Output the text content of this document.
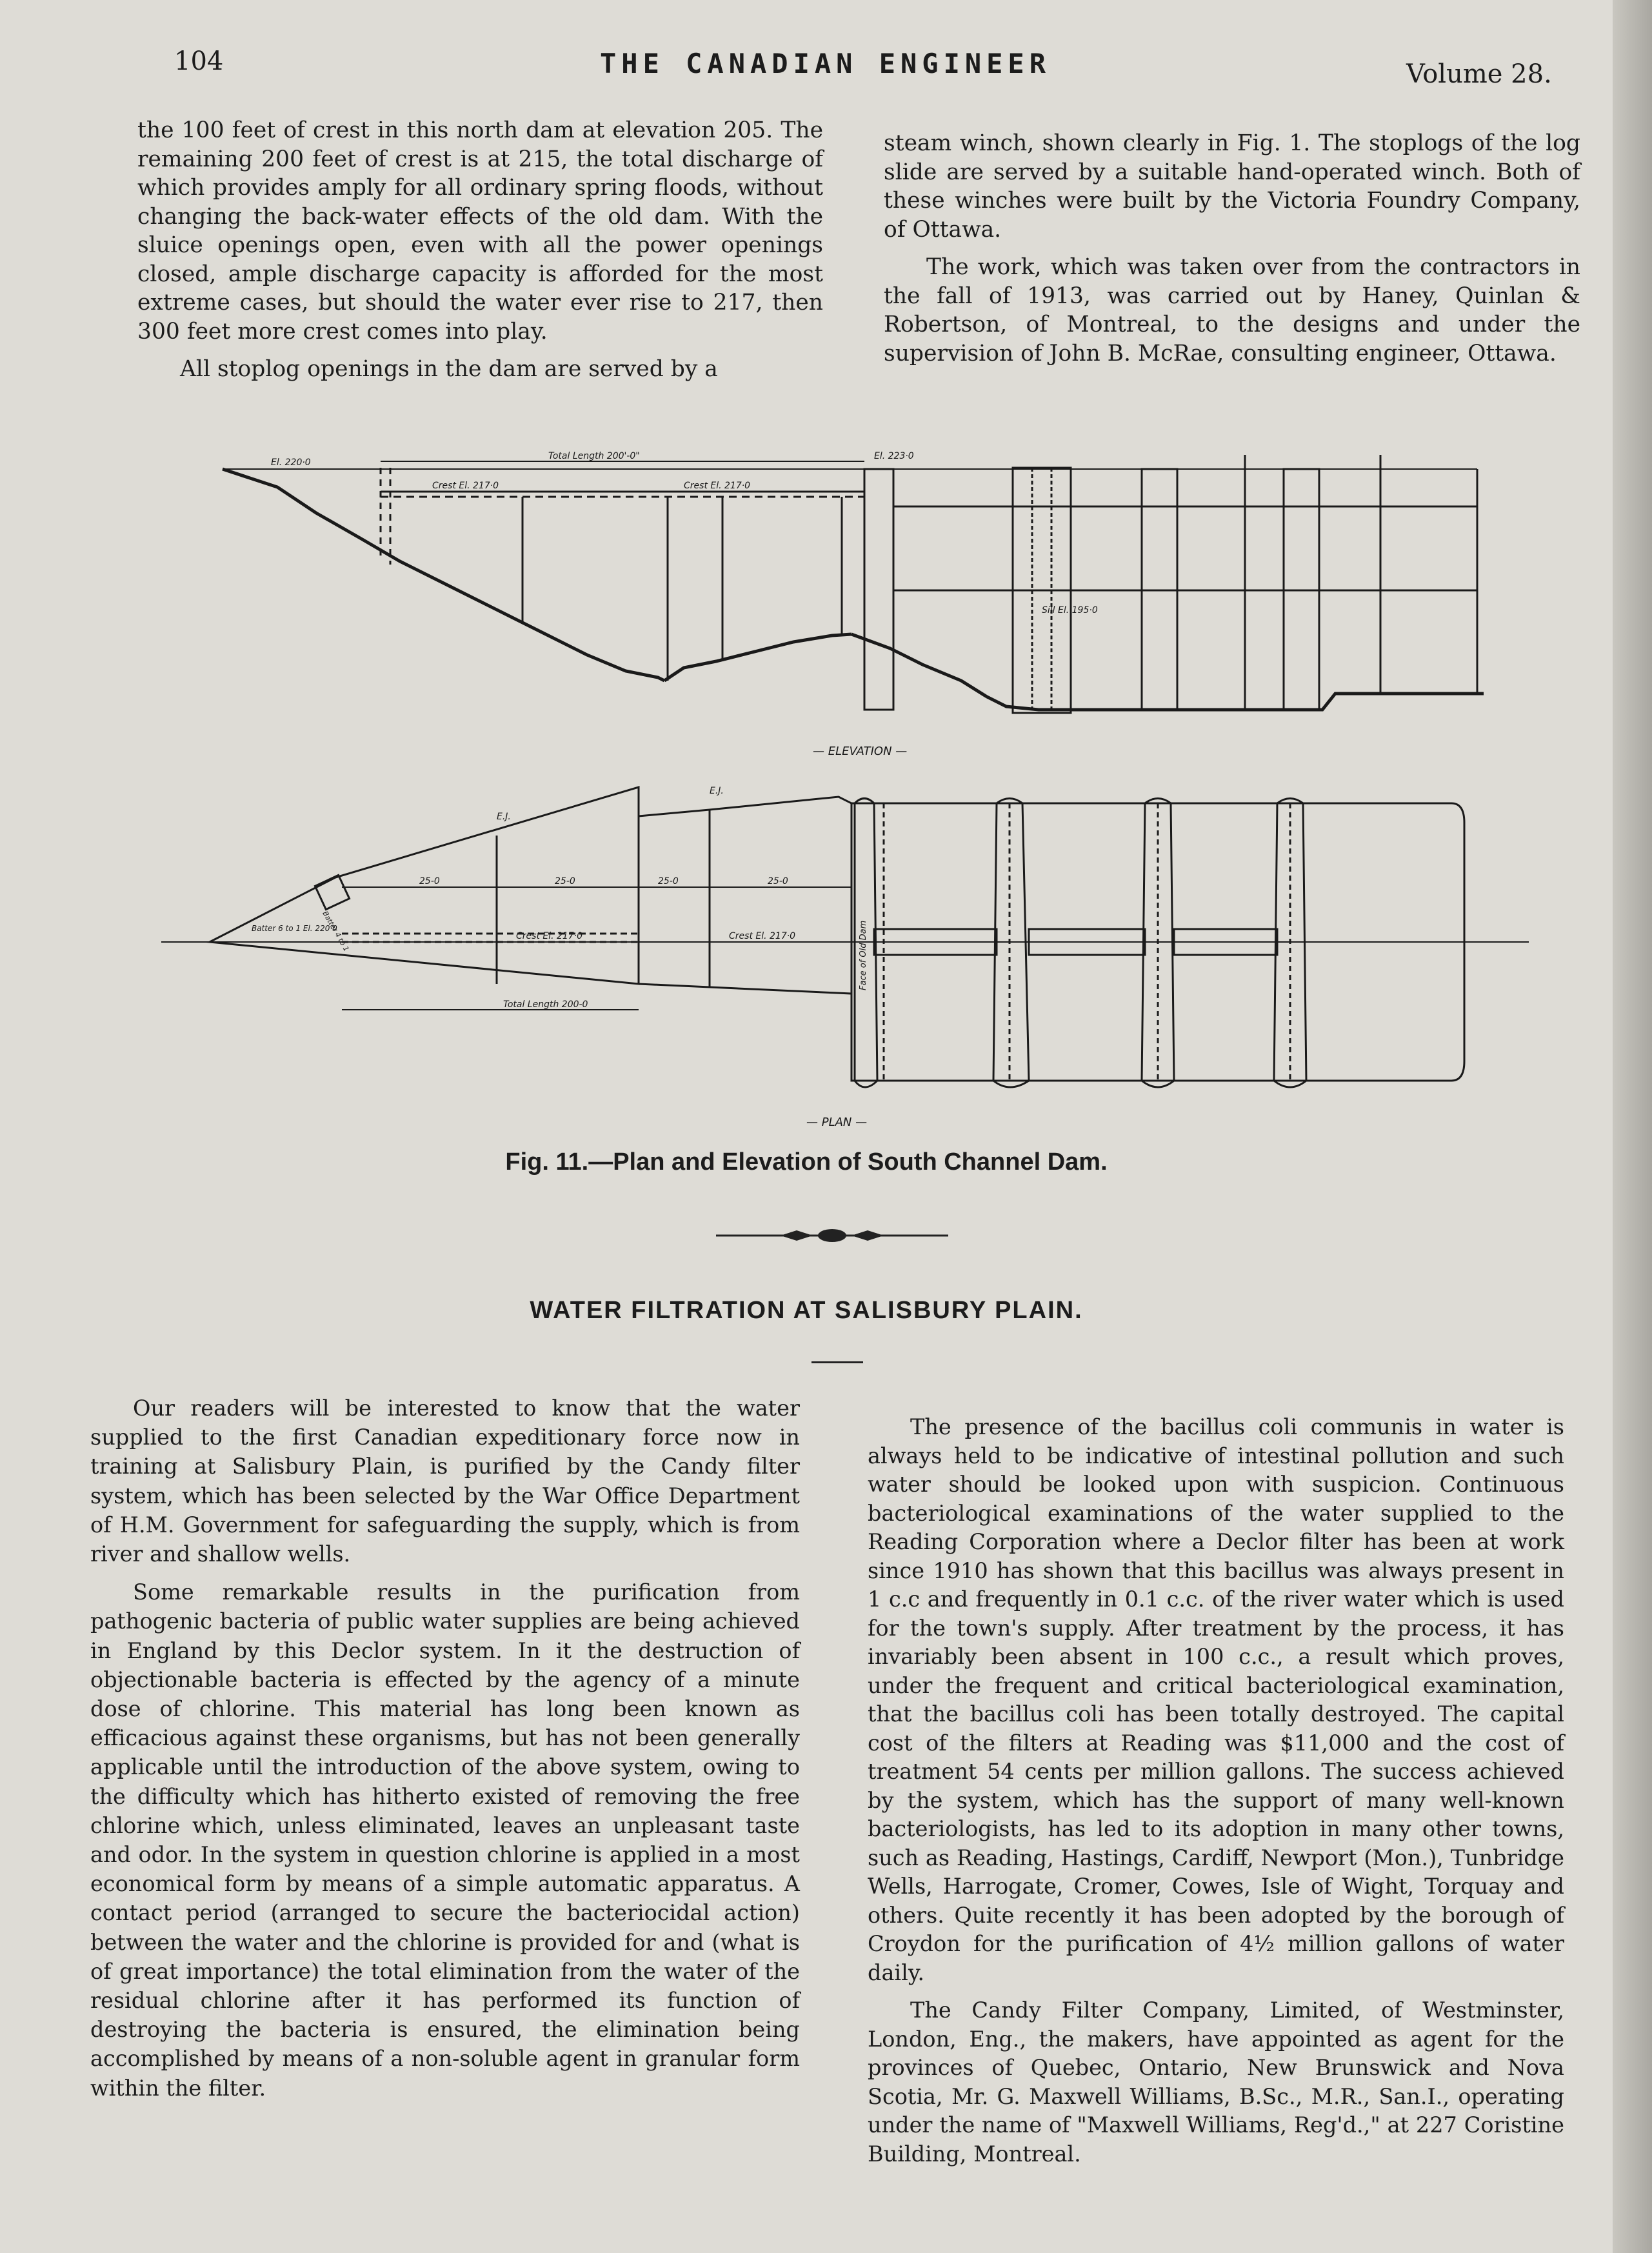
104	THE CANADIAN ENGINEER	Volume 28.

the 100 feet of crest in this north dam at elevation 205. The remaining 200 feet of crest is at 215, the total discharge of which provides amply for all ordinary spring floods, without changing the back-water effects of the old dam. With the sluice openings open, even with all the power openings closed, ample discharge capacity is afforded for the most extreme cases, but should the water ever rise to 217, then 300 feet more crest comes into play.

All stoplog openings in the dam are served by a

steam winch, shown clearly in Fig. 1. The stoplogs of the log slide are served by a suitable hand-operated winch. Both of these winches were built by the Victoria Foundry Company, of Ottawa.

The work, which was taken over from the contractors in the fall of 1913, was carried out by Haney, Quinlan & Robertson, of Montreal, to the designs and under the supervision of John B. McRae, consulting engineer, Ottawa.

El. 220·0
Total Length 200'-0"
Crest El. 217·0	Crest El. 217·0
El. 223·0
Sill El. 195·0
— ELEVATION —
E.J.
E.J.
25-0	25-0	25-0	25-0
Batter 4 to 1
Batter 6 to 1 El. 220·0
Crest El. 217·0	Crest El. 217·0
Total Length 200-0
Face of Old Dam
— PLAN —
Fig. 11.—Plan and Elevation of South Channel Dam.
WATER FILTRATION AT SALISBURY PLAIN.

Our readers will be interested to know that the water supplied to the first Canadian expeditionary force now in training at Salisbury Plain, is purified by the Candy filter system, which has been selected by the War Office Department of H.M. Government for safeguarding the supply, which is from river and shallow wells.

Some remarkable results in the purification from pathogenic bacteria of public water supplies are being achieved in England by this Declor system. In it the destruction of objectionable bacteria is effected by the agency of a minute dose of chlorine. This material has long been known as efficacious against these organisms, but has not been generally applicable until the introduction of the above system, owing to the difficulty which has hitherto existed of removing the free chlorine which, unless eliminated, leaves an unpleasant taste and odor. In the system in question chlorine is applied in a most economical form by means of a simple automatic apparatus. A contact period (arranged to secure the bacteriocidal action) between the water and the chlorine is provided for and (what is of great importance) the total elimination from the water of the residual chlorine after it has performed its function of destroying the bacteria is ensured, the elimination being accomplished by means of a non-soluble agent in granular form within the filter.

The presence of the bacillus coli communis in water is always held to be indicative of intestinal pollution and such water should be looked upon with suspicion. Continuous bacteriological examinations of the water supplied to the Reading Corporation where a Declor filter has been at work since 1910 has shown that this bacillus was always present in 1 c.c and frequently in 0.1 c.c. of the river water which is used for the town's supply. After treatment by the process, it has invariably been absent in 100 c.c., a result which proves, under the frequent and critical bacteriological examination, that the bacillus coli has been totally destroyed. The capital cost of the filters at Reading was $11,000 and the cost of treatment 54 cents per million gallons. The success achieved by the system, which has the support of many well-known bacteriologists, has led to its adoption in many other towns, such as Reading, Hastings, Cardiff, Newport (Mon.), Tunbridge Wells, Harrogate, Cromer, Cowes, Isle of Wight, Torquay and others. Quite recently it has been adopted by the borough of Croydon for the purification of 4½ million gallons of water daily.

The Candy Filter Company, Limited, of Westminster, London, Eng., the makers, have appointed as agent for the provinces of Quebec, Ontario, New Brunswick and Nova Scotia, Mr. G. Maxwell Williams, B.Sc., M.R., San.I., operating under the name of "Maxwell Williams, Reg'd.," at 227 Coristine Building, Montreal.
